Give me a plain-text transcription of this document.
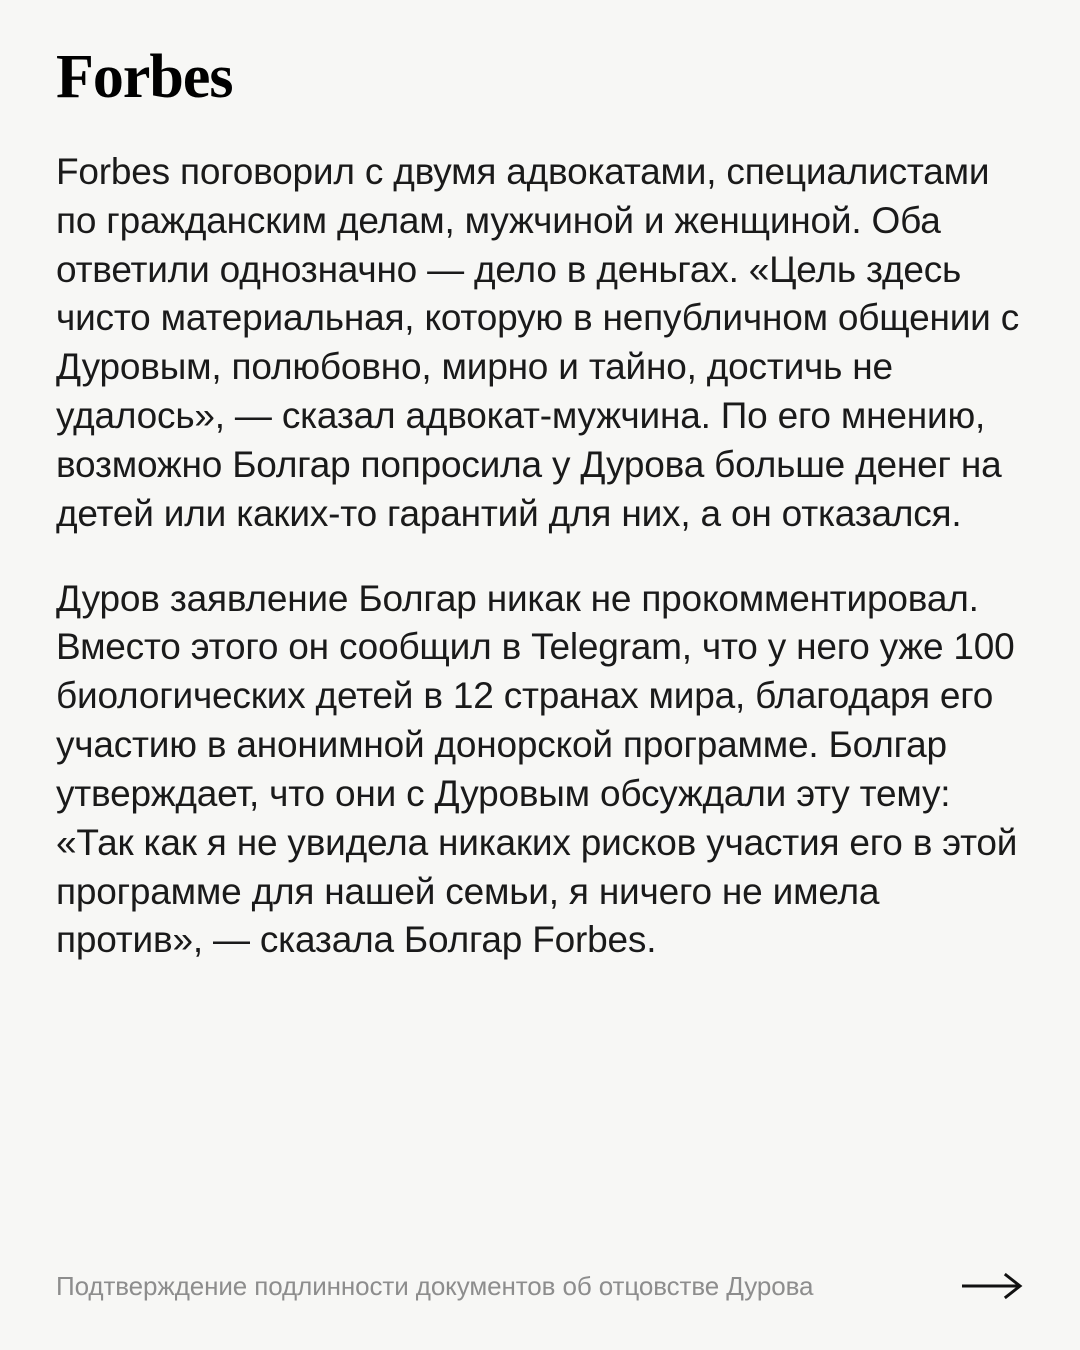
Forbes

Forbes поговорил с двумя адвокатами, специалистами по гражданским делам, мужчиной и женщиной. Оба ответили однозначно — дело в деньгах. «Цель здесь чисто материальная, которую в непубличном общении с Дуровым, полюбовно, мирно и тайно, достичь не удалось», — сказал адвокат-мужчина. По его мнению, возможно Болгар попросила у Дурова больше денег на детей или каких-то гарантий для них, а он отказался.

Дуров заявление Болгар никак не прокомментировал. Вместо этого он сообщил в Telegram, что у него уже 100 биологических детей в 12 странах мира, благодаря его участию в анонимной донорской программе. Болгар утверждает, что они с Дуровым обсуждали эту тему: «Так как я не увидела никаких рисков участия его в этой программе для нашей семьи, я ничего не имела против», — сказала Болгар Forbes.

Подтверждение подлинности документов об отцовстве Дурова
